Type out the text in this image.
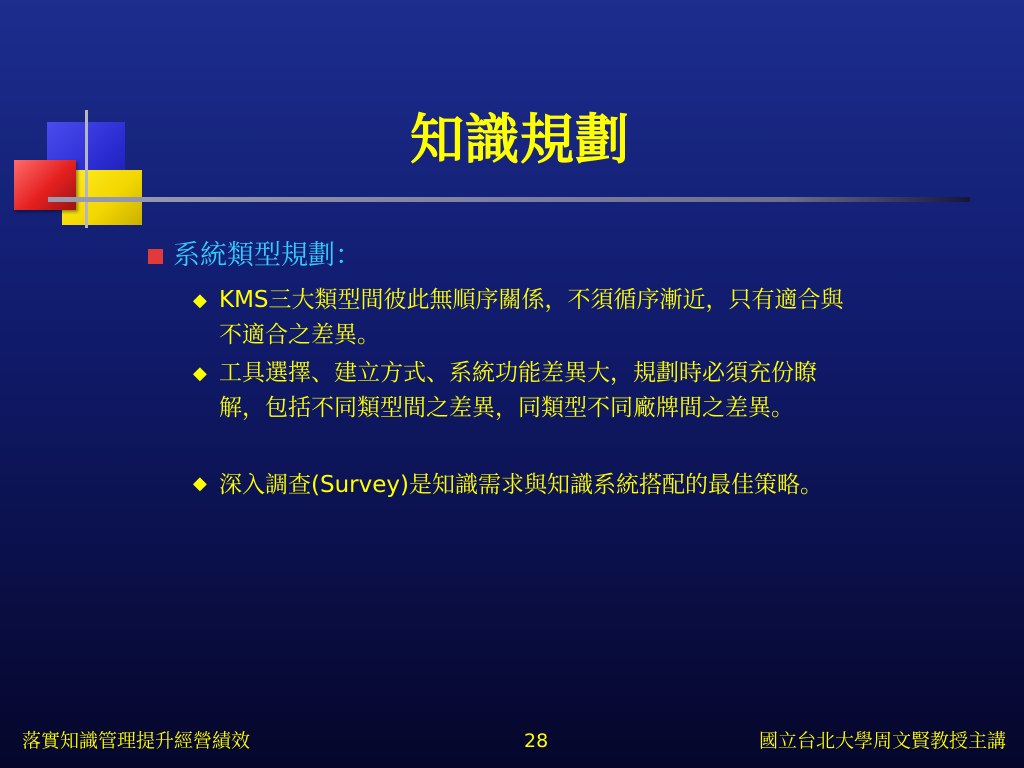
知識規劃
系統類型規劃：
◆ KMS三大類型間彼此無順序關係，不須循序漸近，只有適合與不適合之差異。
◆ 工具選擇、建立方式、系統功能差異大，規劃時必須充份瞭解，包括不同類型間之差異，同類型不同廠牌間之差異。
◆ 深入調查(Survey)是知識需求與知識系統搭配的最佳策略。
落實知識管理提升經營績效	28	國立台北大學周文賢教授主講
